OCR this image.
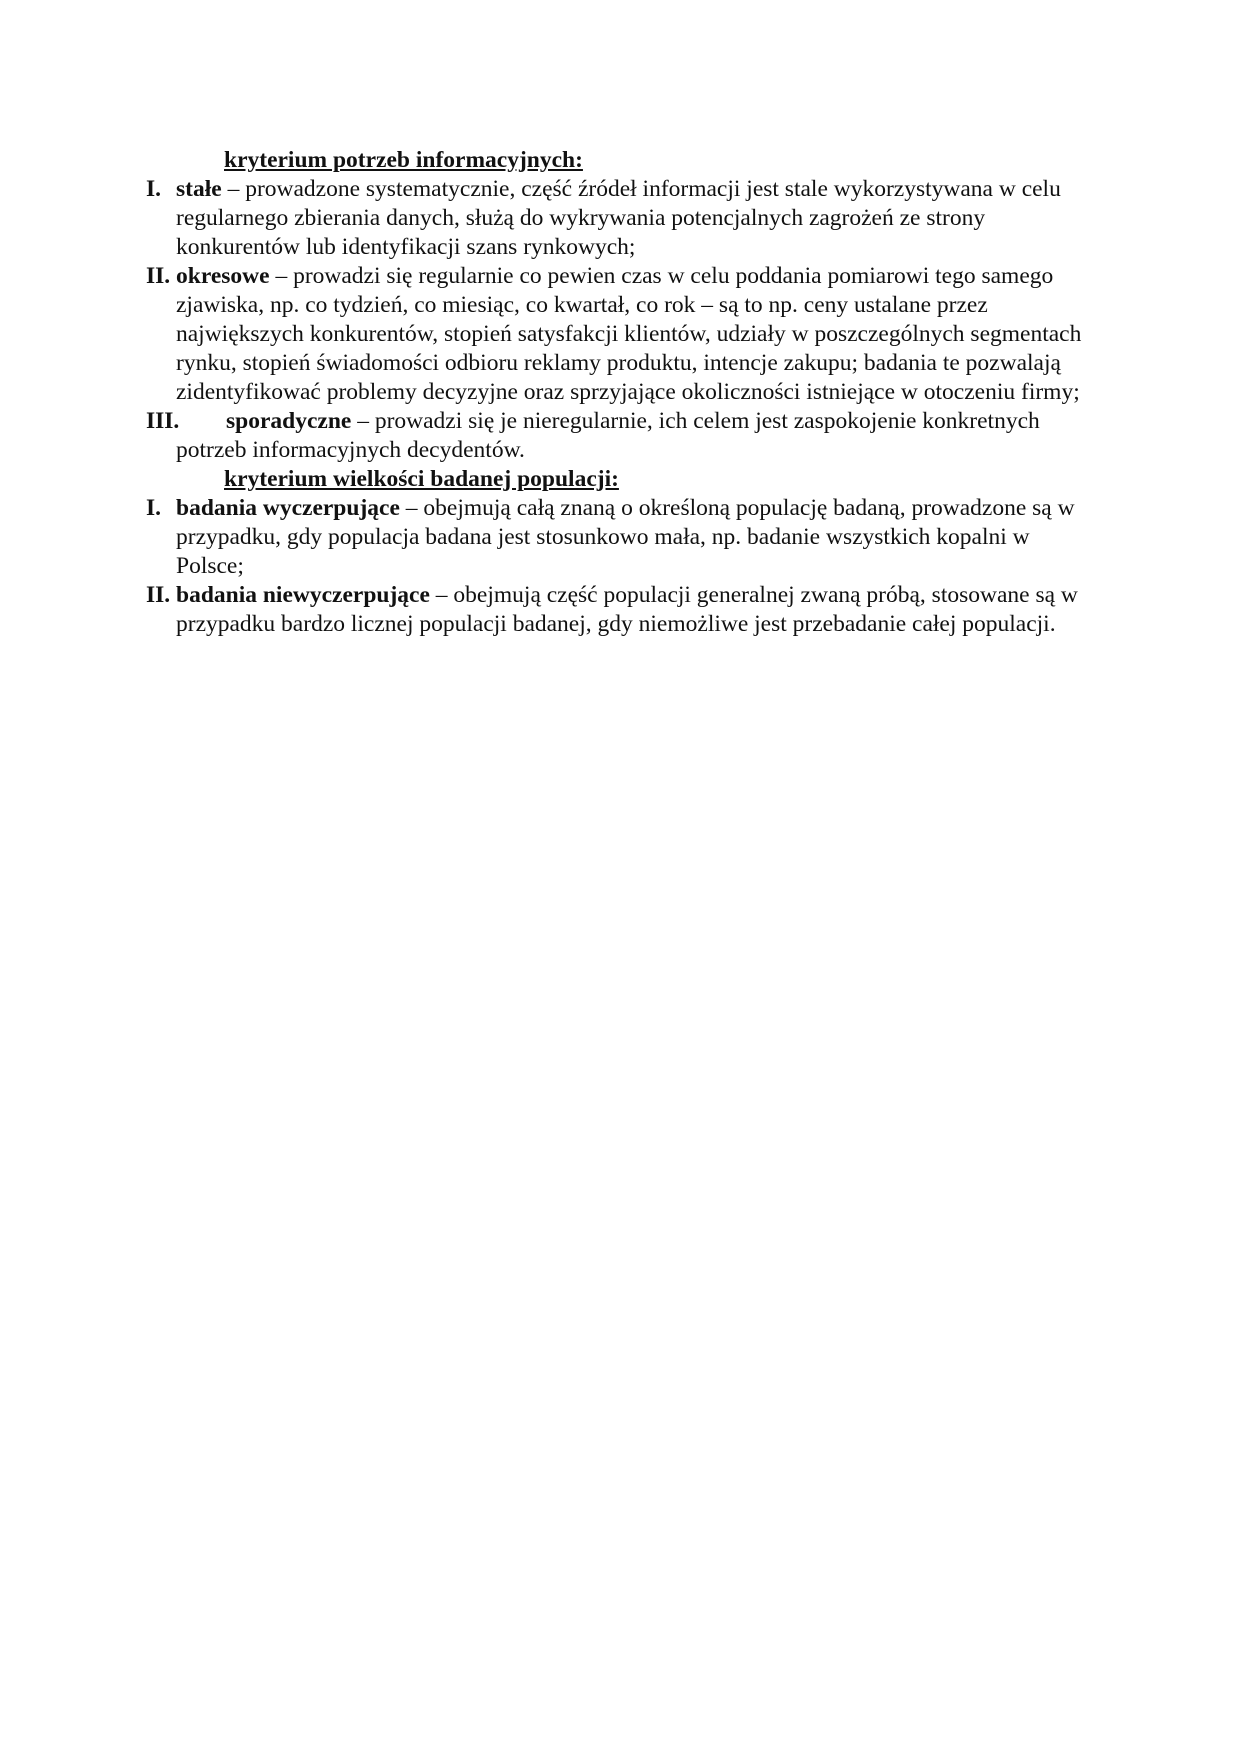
kryterium potrzeb informacyjnych:
I. stałe – prowadzone systematycznie, część źródeł informacji jest stale wykorzystywana w celu regularnego zbierania danych, służą do wykrywania potencjalnych zagrożeń ze strony konkurentów lub identyfikacji szans rynkowych;
II. okresowe – prowadzi się regularnie co pewien czas w celu poddania pomiarowi tego samego zjawiska, np. co tydzień, co miesiąc, co kwartał, co rok – są to np. ceny ustalane przez największych konkurentów, stopień satysfakcji klientów, udziały w poszczególnych segmentach rynku, stopień świadomości odbioru reklamy produktu, intencje zakupu; badania te pozwalają zidentyfikować problemy decyzyjne oraz sprzyjające okoliczności istniejące w otoczeniu firmy;
III.	sporadyczne – prowadzi się je nieregularnie, ich celem jest zaspokojenie konkretnych potrzeb informacyjnych decydentów.
kryterium wielkości badanej populacji:
I. badania wyczerpujące – obejmują całą znaną o określoną populację badaną, prowadzone są w przypadku, gdy populacja badana jest stosunkowo mała, np. badanie wszystkich kopalni w Polsce;
II. badania niewyczerpujące – obejmują część populacji generalnej zwaną próbą, stosowane są w przypadku bardzo licznej populacji badanej, gdy niemożliwe jest przebadanie całej populacji.
